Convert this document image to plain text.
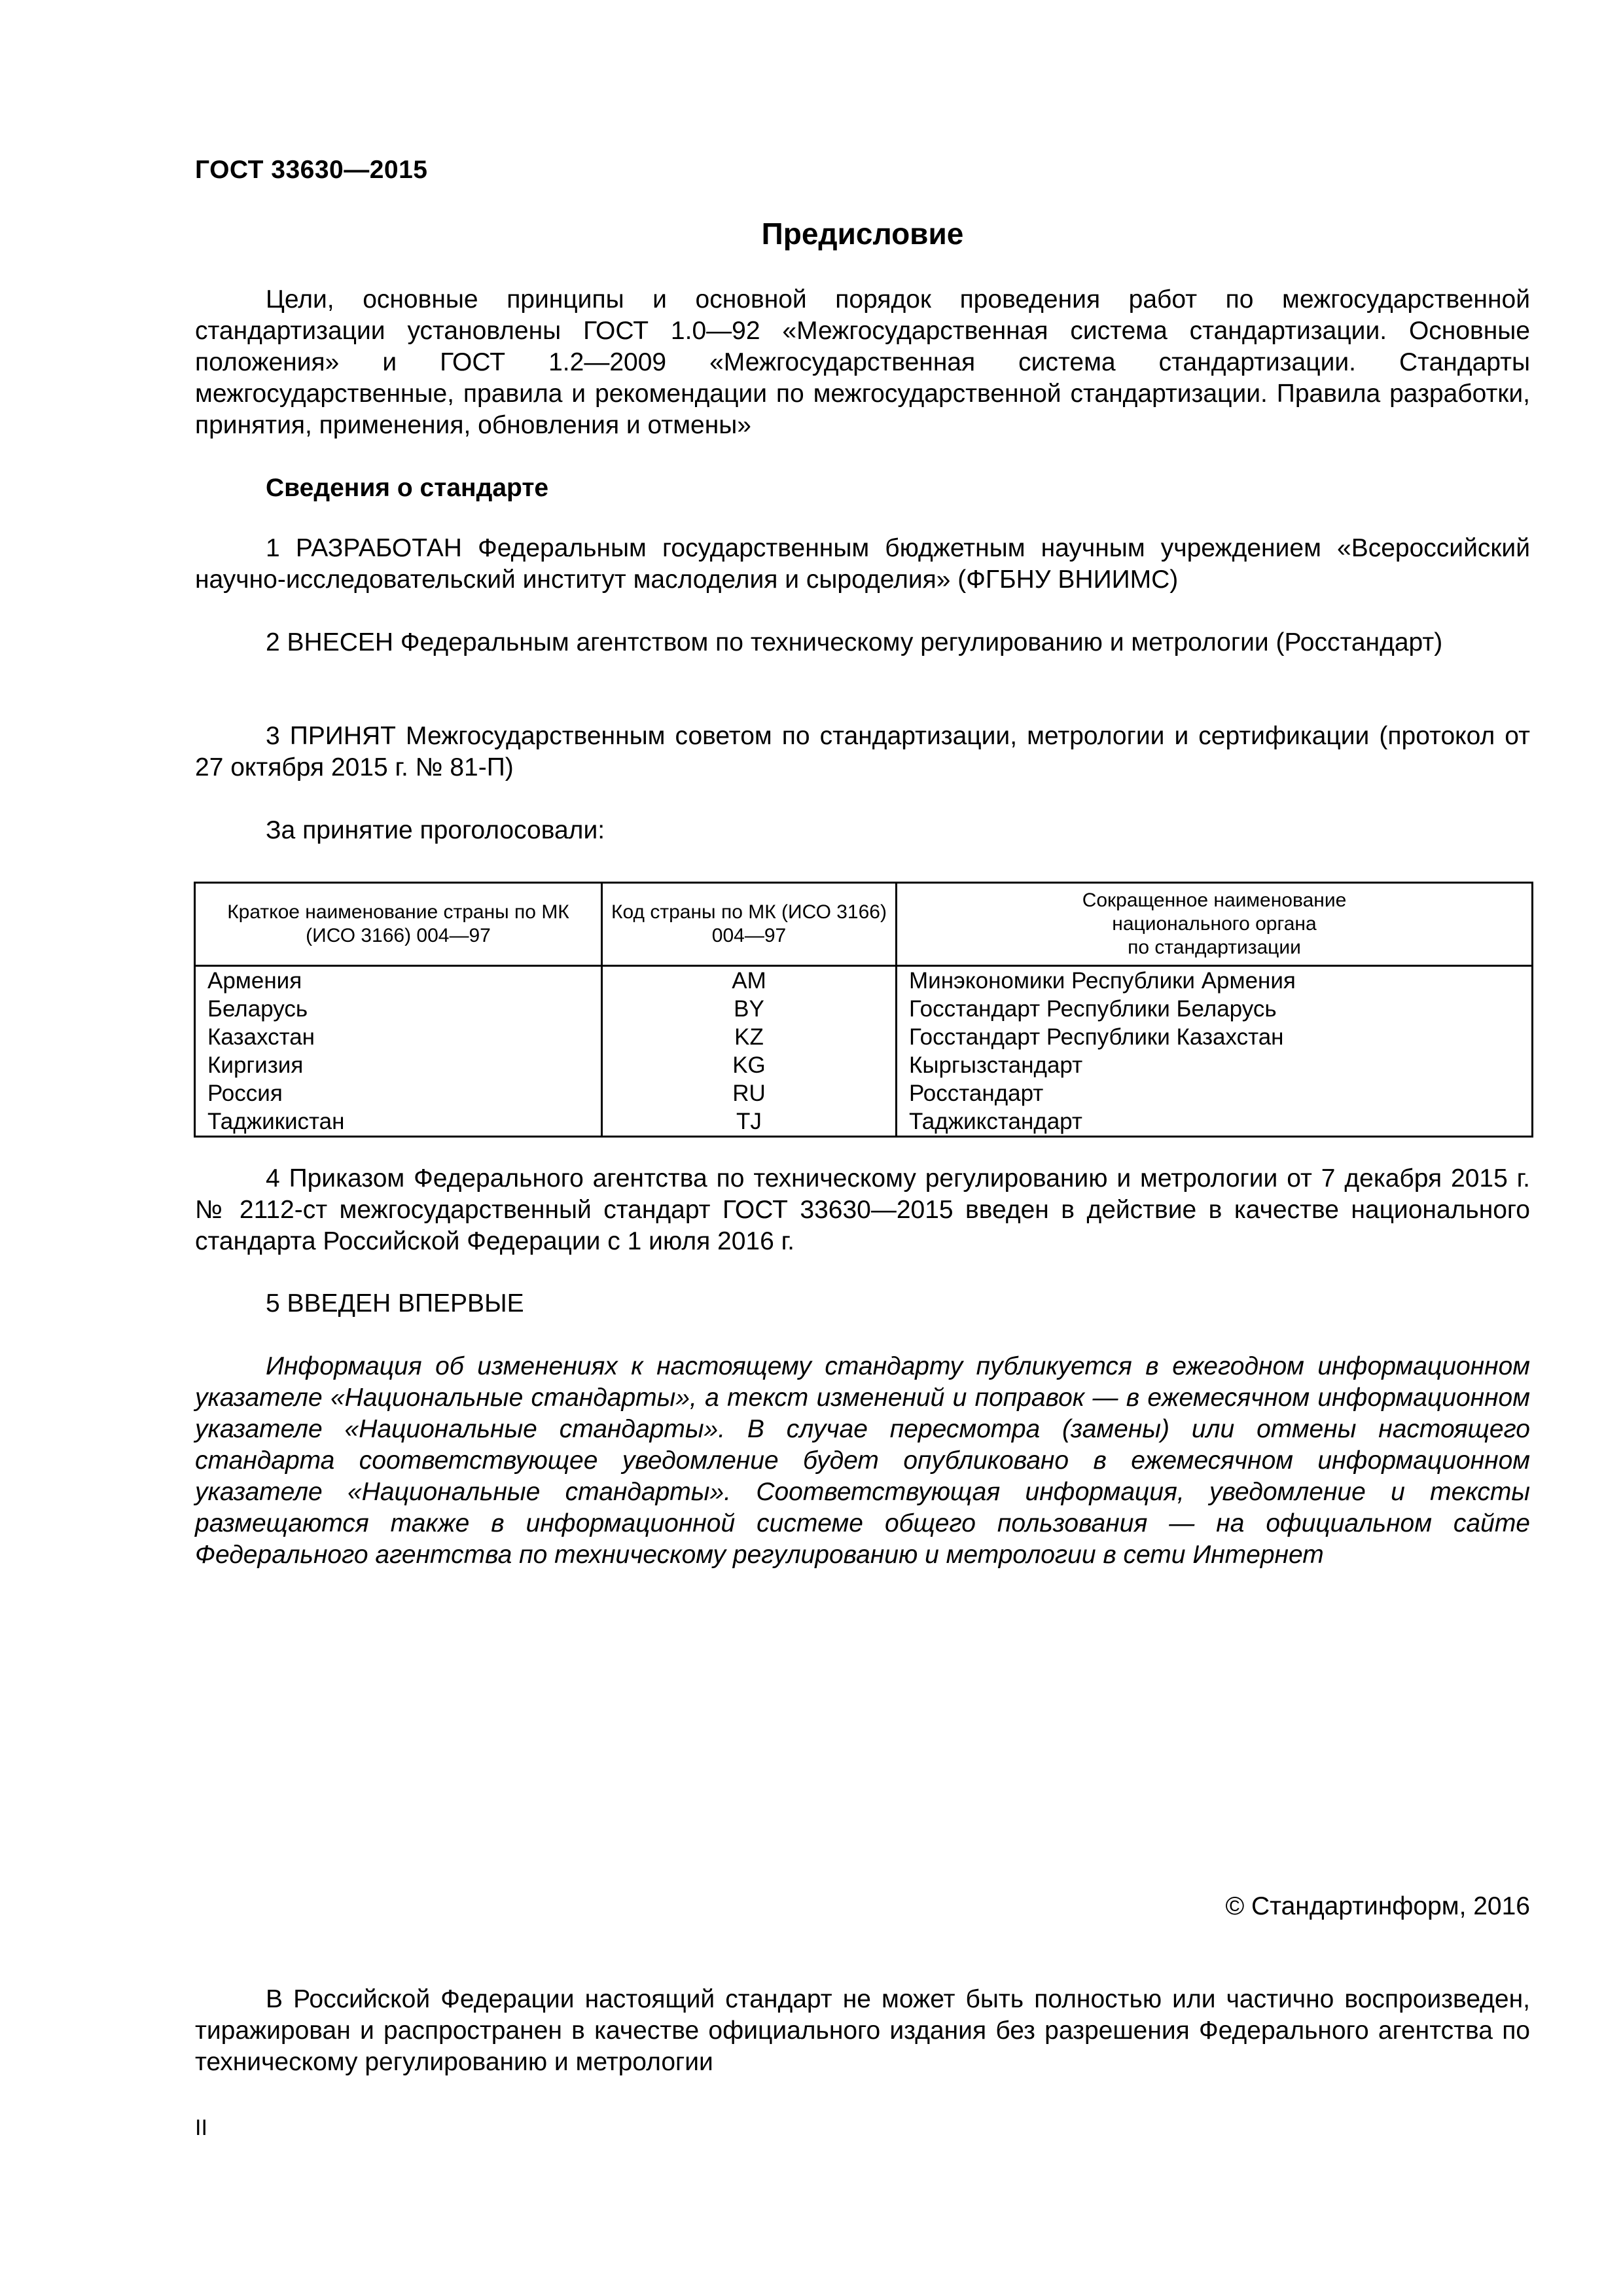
ГОСТ 33630—2015
Предисловие
Цели, основные принципы и основной порядок проведения работ по межгосударственной стандартизации установлены ГОСТ 1.0—92 «Межгосударственная система стандартизации. Основные положения» и ГОСТ 1.2—2009 «Межгосударственная система стандартизации. Стандарты межгосударственные, правила и рекомендации по межгосударственной стандартизации. Правила разработки, принятия, применения, обновления и отмены»
Сведения о стандарте
1 РАЗРАБОТАН Федеральным государственным бюджетным научным учреждением «Всероссийский научно-исследовательский институт маслоделия и сыроделия» (ФГБНУ ВНИИМС)
2 ВНЕСЕН Федеральным агентством по техническому регулированию и метрологии (Росстандарт)
3 ПРИНЯТ Межгосударственным советом по стандартизации, метрологии и сертификации (протокол от 27 октября 2015 г. № 81-П)
За принятие проголосовали:
Краткое наименование страны по МК
(ИСО 3166) 004—97	Код страны по МК (ИСО 3166) 004—97	Сокращенное наименование
национального органа
по стандартизации
Армения	AM	Минэкономики Республики Армения
Беларусь	BY	Госстандарт Республики Беларусь
Казахстан	KZ	Госстандарт Республики Казахстан
Киргизия	KG	Кыргызстандарт
Россия	RU	Росстандарт
Таджикистан	TJ	Таджикстандарт
4 Приказом Федерального агентства по техническому регулированию и метрологии от 7 декабря 2015 г. № 2112-ст межгосударственный стандарт ГОСТ 33630—2015 введен в действие в качестве национального стандарта Российской Федерации с 1 июля 2016 г.
5 ВВЕДЕН ВПЕРВЫЕ
Информация об изменениях к настоящему стандарту публикуется в ежегодном информационном указателе «Национальные стандарты», а текст изменений и поправок — в ежемесячном информационном указателе «Национальные стандарты». В случае пересмотра (замены) или отмены настоящего стандарта соответствующее уведомление будет опубликовано в ежемесячном информационном указателе «Национальные стандарты». Соответствующая информация, уведомление и тексты размещаются также в информационной системе общего пользования — на официальном сайте Федерального агентства по техническому регулированию и метрологии в сети Интернет
© Стандартинформ, 2016
В Российской Федерации настоящий стандарт не может быть полностью или частично воспроизведен, тиражирован и распространен в качестве официального издания без разрешения Федерального агентства по техническому регулированию и метрологии
II
